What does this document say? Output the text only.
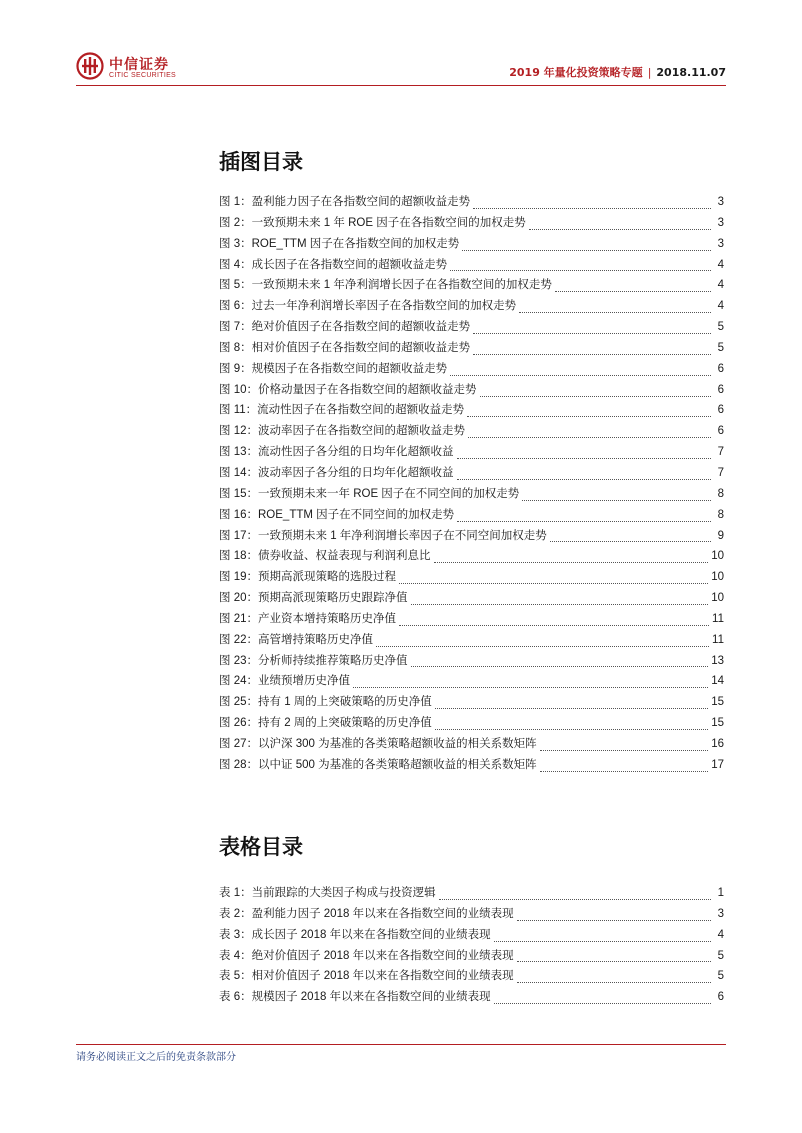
中信证券
CITIC SECURITIES	2019 年量化投资策略专题 | 2018.11.07
插图目录
图 1： 盈利能力因子在各指数空间的超额收益走势	3
图 2： 一致预期未来 1 年 ROE 因子在各指数空间的加权走势	3
图 3： ROE_TTM 因子在各指数空间的加权走势	3
图 4： 成长因子在各指数空间的超额收益走势	4
图 5： 一致预期未来 1 年净利润增长因子在各指数空间的加权走势	4
图 6： 过去一年净利润增长率因子在各指数空间的加权走势	4
图 7： 绝对价值因子在各指数空间的超额收益走势	5
图 8： 相对价值因子在各指数空间的超额收益走势	5
图 9： 规模因子在各指数空间的超额收益走势	6
图 10： 价格动量因子在各指数空间的超额收益走势	6
图 11： 流动性因子在各指数空间的超额收益走势	6
图 12： 波动率因子在各指数空间的超额收益走势	6
图 13： 流动性因子各分组的日均年化超额收益	7
图 14： 波动率因子各分组的日均年化超额收益	7
图 15： 一致预期未来一年 ROE 因子在不同空间的加权走势	8
图 16： ROE_TTM 因子在不同空间的加权走势	8
图 17： 一致预期未来 1 年净利润增长率因子在不同空间加权走势	9
图 18： 债券收益、权益表现与利润利息比	10
图 19： 预期高派现策略的选股过程	10
图 20： 预期高派现策略历史跟踪净值	10
图 21： 产业资本增持策略历史净值	11
图 22： 高管增持策略历史净值	11
图 23： 分析师持续推荐策略历史净值	13
图 24： 业绩预增历史净值	14
图 25： 持有 1 周的上突破策略的历史净值	15
图 26： 持有 2 周的上突破策略的历史净值	15
图 27： 以沪深 300 为基准的各类策略超额收益的相关系数矩阵	16
图 28： 以中证 500 为基准的各类策略超额收益的相关系数矩阵	17
表格目录
表 1： 当前跟踪的大类因子构成与投资逻辑	1
表 2： 盈利能力因子 2018 年以来在各指数空间的业绩表现	3
表 3： 成长因子 2018 年以来在各指数空间的业绩表现	4
表 4： 绝对价值因子 2018 年以来在各指数空间的业绩表现	5
表 5： 相对价值因子 2018 年以来在各指数空间的业绩表现	5
表 6： 规模因子 2018 年以来在各指数空间的业绩表现	6
请务必阅读正文之后的免责条款部分
